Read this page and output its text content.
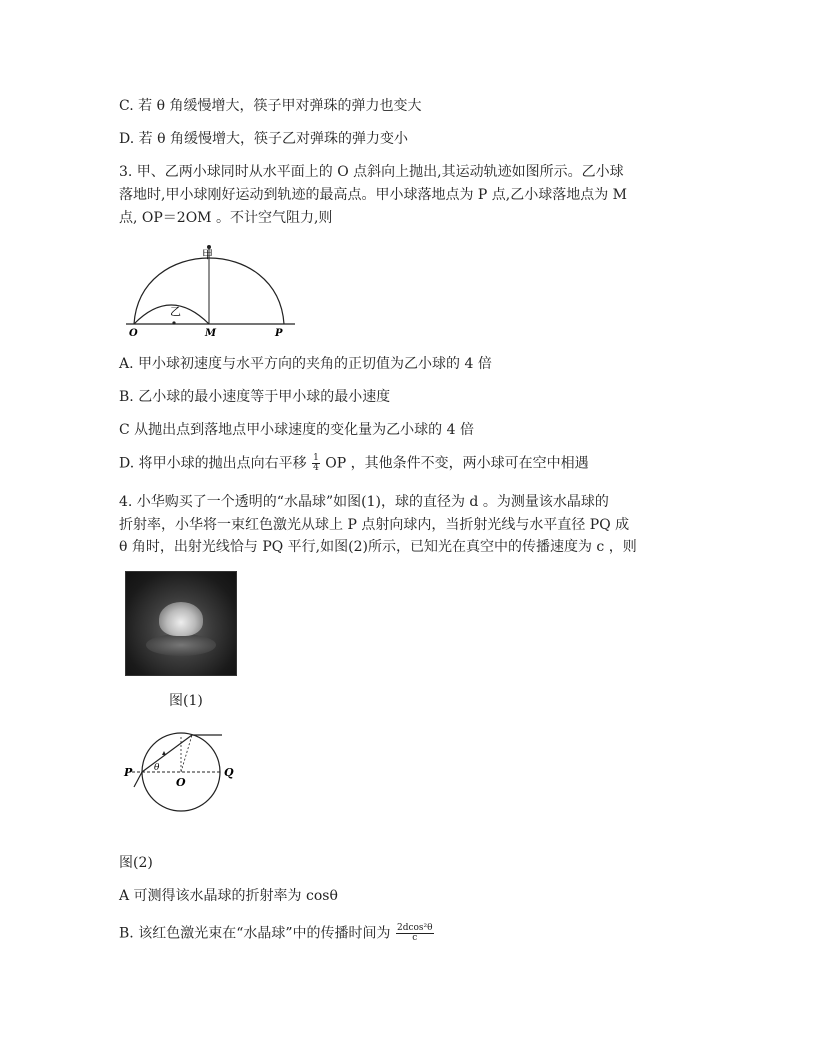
C. 若 θ 角缓慢增大，筷子甲对弹珠的弹力也变大
D. 若 θ 角缓慢增大，筷子乙对弹珠的弹力变小
3. 甲、乙两小球同时从水平面上的 O 点斜向上抛出,其运动轨迹如图所示。乙小球
落地时,甲小球刚好运动到轨迹的最高点。甲小球落地点为 P 点,乙小球落地点为 M
点, OP＝2OM 。不计空气阻力,则
甲
乙
O	M	P
A. 甲小球初速度与水平方向的夹角的正切值为乙小球的 4 倍
B. 乙小球的最小速度等于甲小球的最小速度
C 从抛出点到落地点甲小球速度的变化量为乙小球的 4 倍
D. 将甲小球的抛出点向右平移 $\frac{1}{4}$ OP ，其他条件不变，两小球可在空中相遇
4. 小华购买了一个透明的“水晶球”如图(1)，球的直径为 d 。为测量该水晶球的
折射率，小华将一束红色激光从球上 P 点射向球内，当折射光线与水平直径 PQ 成
θ 角时，出射光线恰与 PQ 平行,如图(2)所示，已知光在真空中的传播速度为 c ，则
图(1)
P θ
O
Q
图(2)
A 可测得该水晶球的折射率为 cosθ
B. 该红色激光束在“水晶球”中的传播时间为 $\frac{\text{2dcos²θ}}{c}$
